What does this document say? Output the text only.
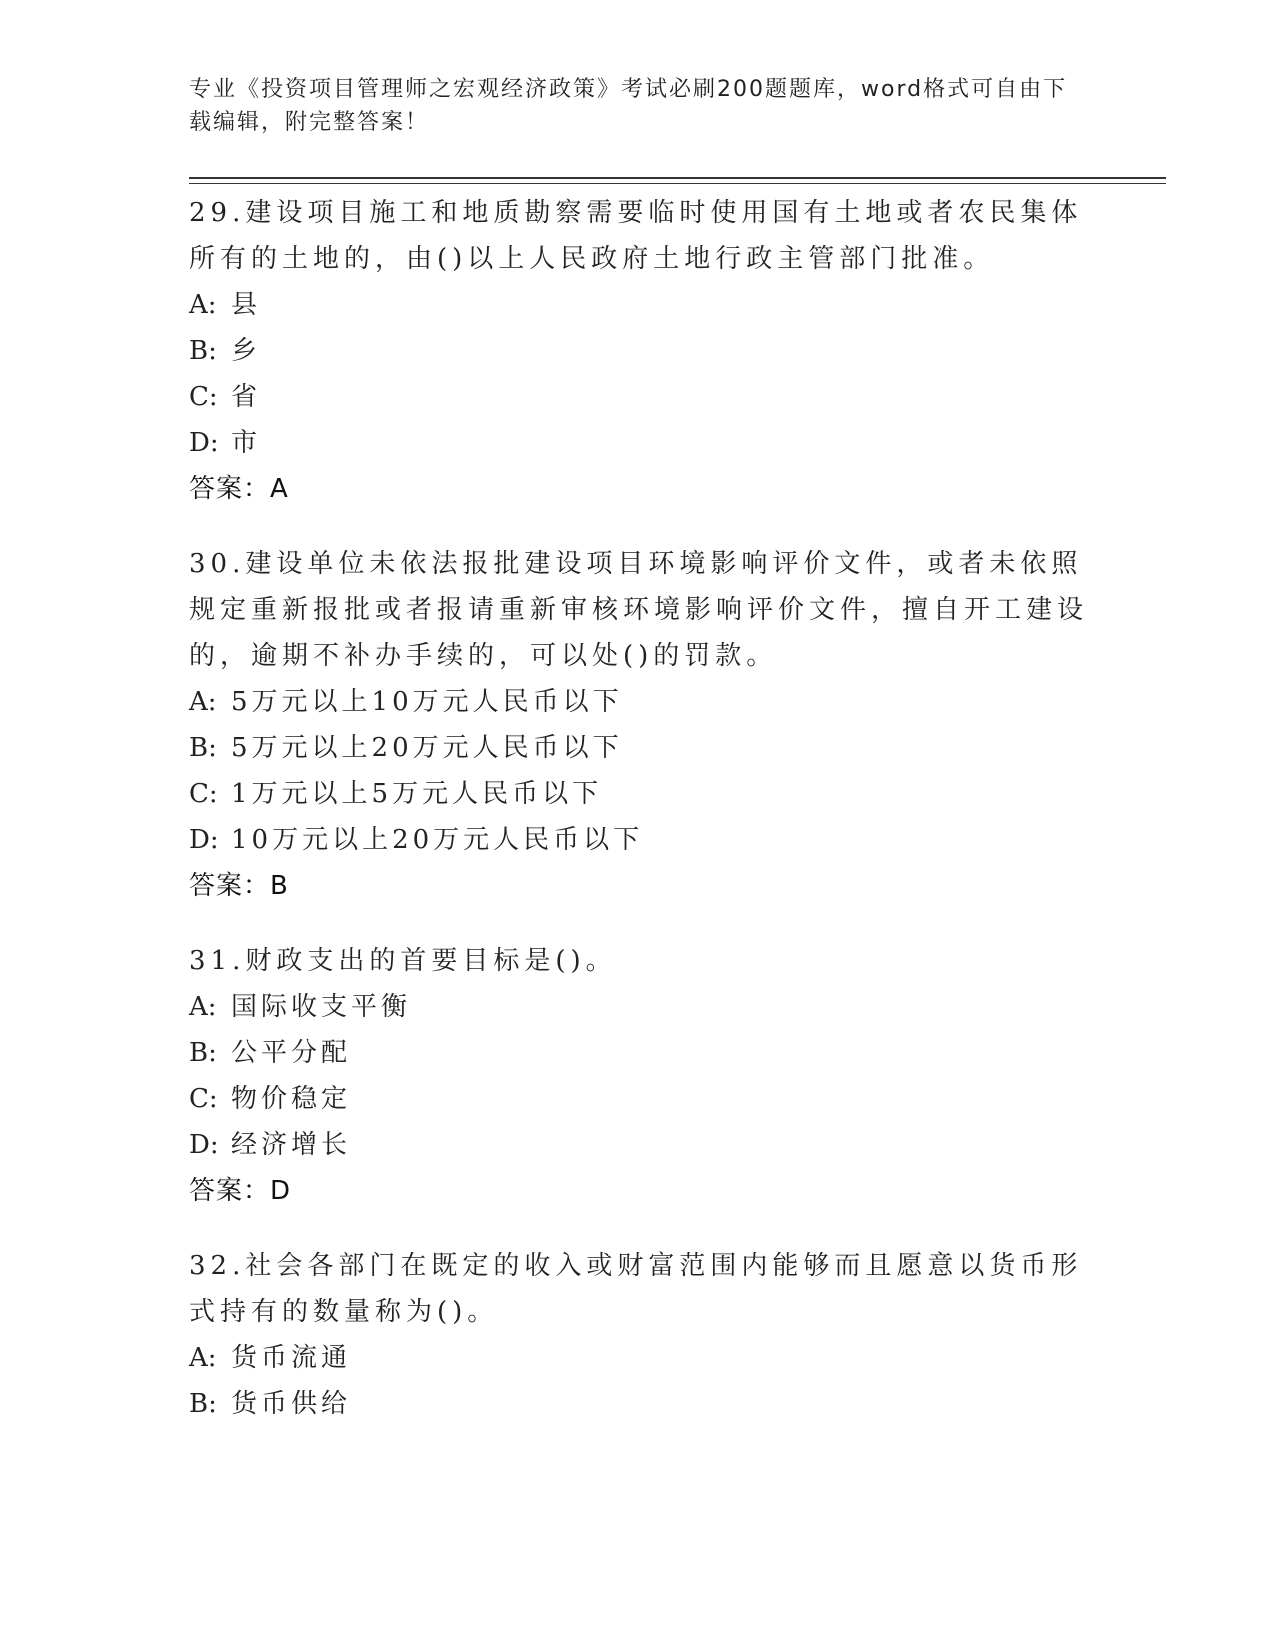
专业《投资项目管理师之宏观经济政策》考试必刷200题题库，word格式可自由下载编辑，附完整答案！
29.建设项目施工和地质勘察需要临时使用国有土地或者农民集体所有的土地的，由()以上人民政府土地行政主管部门批准。
A: 县
B: 乡
C: 省
D: 市
答案：A
30.建设单位未依法报批建设项目环境影响评价文件，或者未依照规定重新报批或者报请重新审核环境影响评价文件，擅自开工建设的，逾期不补办手续的，可以处()的罚款。
A: 5万元以上10万元人民币以下
B: 5万元以上20万元人民币以下
C: 1万元以上5万元人民币以下
D: 10万元以上20万元人民币以下
答案：B
31.财政支出的首要目标是()。
A: 国际收支平衡
B: 公平分配
C: 物价稳定
D: 经济增长
答案：D
32.社会各部门在既定的收入或财富范围内能够而且愿意以货币形式持有的数量称为()。
A: 货币流通
B: 货币供给
